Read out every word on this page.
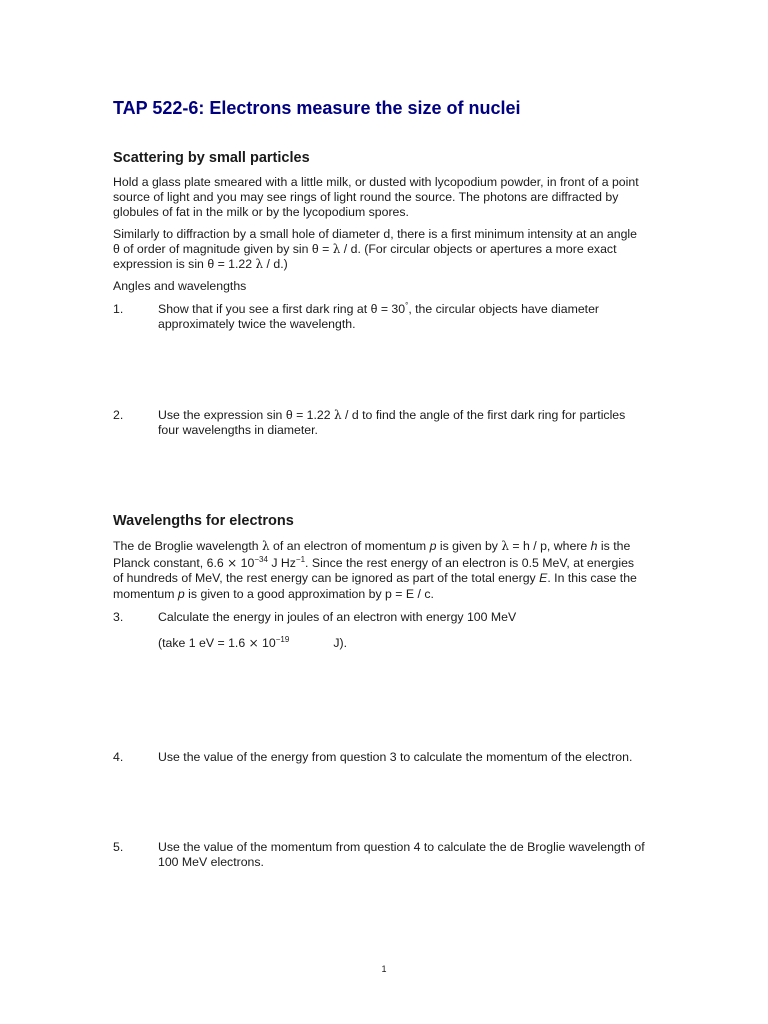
TAP 522-6: Electrons measure the size of nuclei
Scattering by small particles

Hold a glass plate smeared with a little milk, or dusted with lycopodium powder, in front of a point
source of light and you may see rings of light round the source. The photons are diffracted by
globules of fat in the milk or by the lycopodium spores.

Similarly to diffraction by a small hole of diameter d, there is a first minimum intensity at an angle
θ of order of magnitude given by sin θ = λ / d. (For circular objects or apertures a more exact
expression is sin θ = 1.22 λ / d.)

Angles and wavelengths

1.	Show that if you see a first dark ring at θ = 30°, the circular objects have diameter
approximately twice the wavelength.
2.	Use the expression sin θ = 1.22 λ / d to find the angle of the first dark ring for particles
four wavelengths in diameter.
Wavelengths for electrons

The de Broglie wavelength λ of an electron of momentum p is given by λ = h / p, where h is the
Planck constant, $6.6 \times 10^{-34}$ J $Hz^{-1}$. Since the rest energy of an electron is 0.5 MeV, at energies
of hundreds of MeV, the rest energy can be ignored as part of the total energy E. In this case the
momentum p is given to a good approximation by p = E / c.

3.	Calculate the energy in joules of an electron with energy 100 MeV
(take 1 eV = $1.6 \times 10^{-19}$	J).
4.	Use the value of the energy from question 3 to calculate the momentum of the electron.
5.	Use the value of the momentum from question 4 to calculate the de Broglie wavelength of
100 MeV electrons.
1
